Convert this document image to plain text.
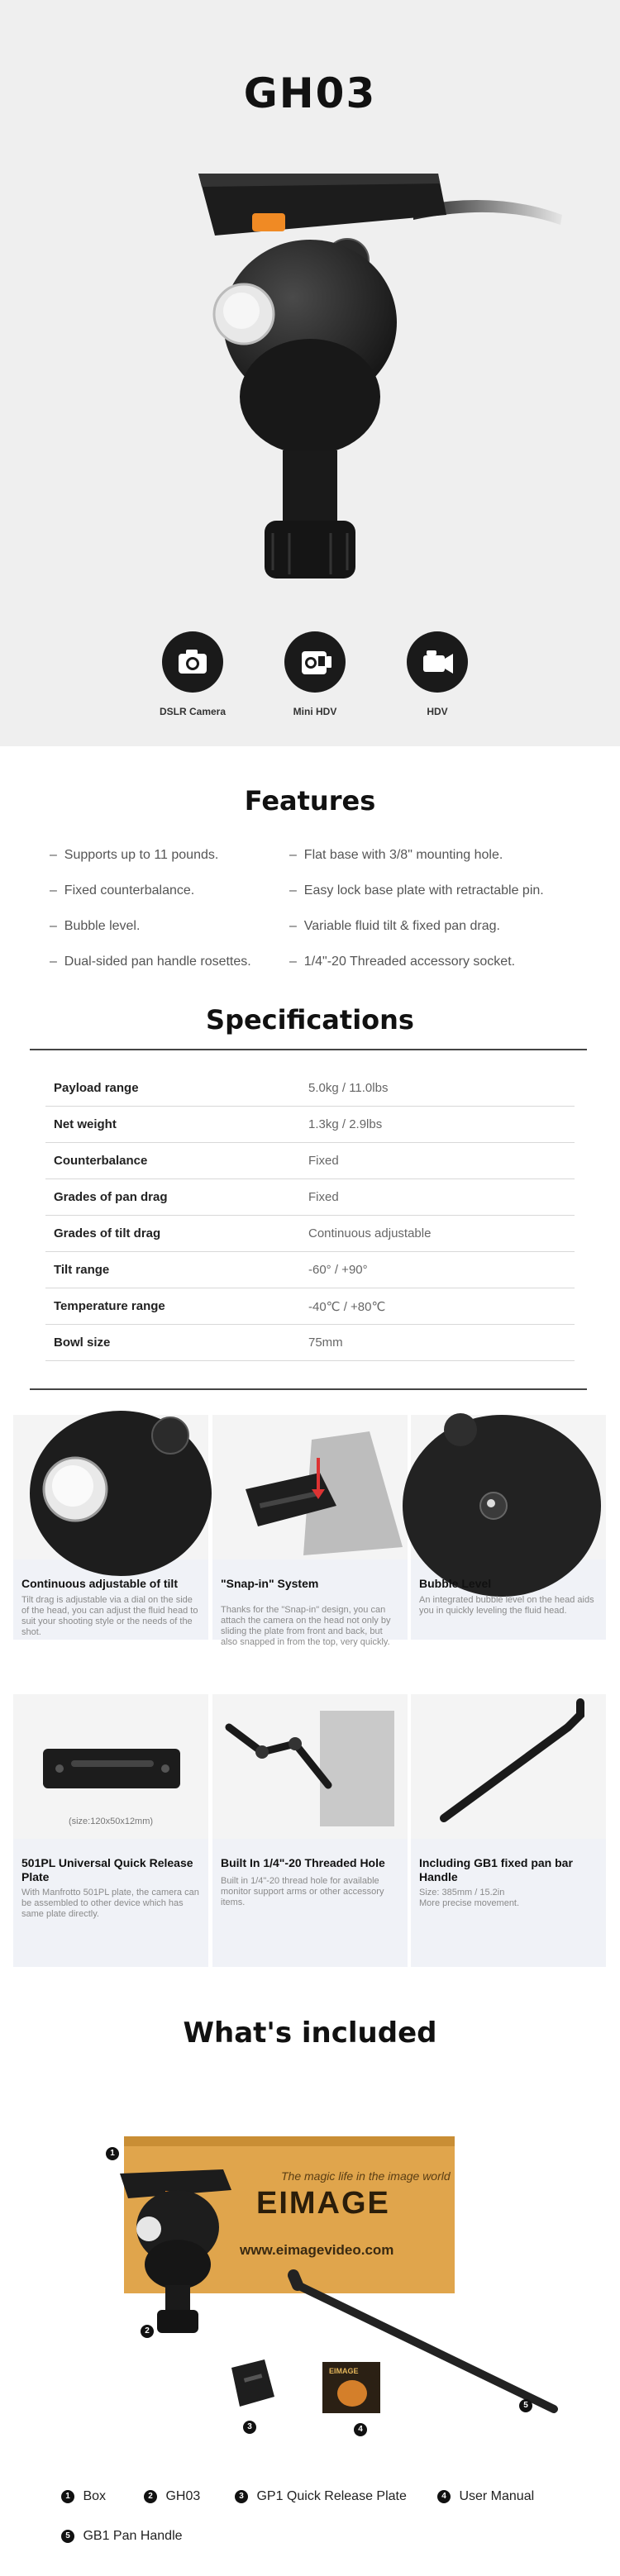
GH03
DSLR Camera	Mini HDV	HDV
Features
– Supports up to 11 pounds.
– Fixed counterbalance.
– Bubble level.
– Dual-sided pan handle rosettes.
– Flat base with 3/8" mounting hole.
– Easy lock base plate with retractable pin.
– Variable fluid tilt & fixed pan drag.
– 1/4"-20 Threaded accessory socket.
Specifications
Payload range	5.0kg / 11.0lbs
Net weight	1.3kg / 2.9lbs
Counterbalance	Fixed
Grades of pan drag	Fixed
Grades of tilt drag	Continuous adjustable
Tilt range	-60° / +90°
Temperature range	-40℃ / +80℃
Bowl size	75mm
Continuous adjustable of tilt
Tilt drag is adjustable via a dial on the side of the head, you can adjust the fluid head to suit your shooting style or the needs of the shot.
"Snap-in" System
Thanks for the "Snap-in" design, you can attach the camera on the head not only by sliding the plate from front and back, but also snapped in from the top, very quickly.
Bubble Level
An integrated bubble level on the head aids you in quickly leveling the fluid head.
(size:120x50x12mm)
501PL Universal Quick Release Plate
With Manfrotto 501PL plate, the camera can be assembled to other device which has same plate directly.
Built In 1/4"-20 Threaded Hole
Built in 1/4"-20 thread hole for available monitor support arms or other accessory items.
Including GB1 fixed pan bar Handle
Size: 385mm / 15.2in
More precise movement.
What's included
The magic life in the image world
EIMAGE
www.eimagevideo.com
EIMAGE
1
2
3	4
5
1 Box	2 GH03	3 GP1 Quick Release Plate	4 User Manual
5 GB1 Pan Handle
